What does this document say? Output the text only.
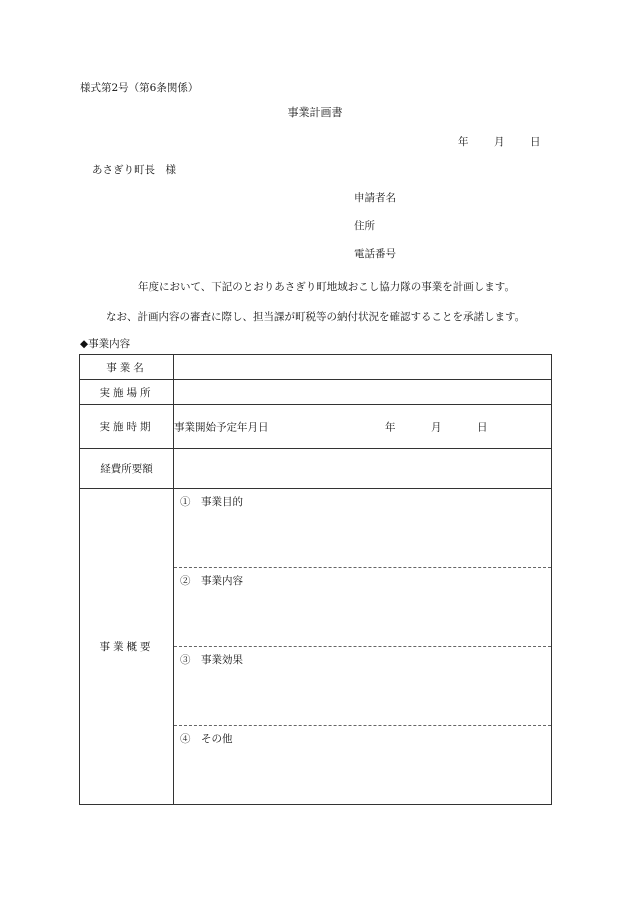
様式第2号（第6条関係）
事業計画書
年 月 日
あさぎり町長　様
申請者名
住所
電話番号
年度において、下記のとおりあさぎり町地域おこし協力隊の事業を計画します。
なお、計画内容の審査に際し、担当課が町税等の納付状況を確認することを承諾します。
◆事業内容
事業名	
実施場所	
実施時期	事業開始予定年月日 年 月 日

経費所要額	
事業概要	①　事業目的
②　事業内容
③　事業効果
④　その他
